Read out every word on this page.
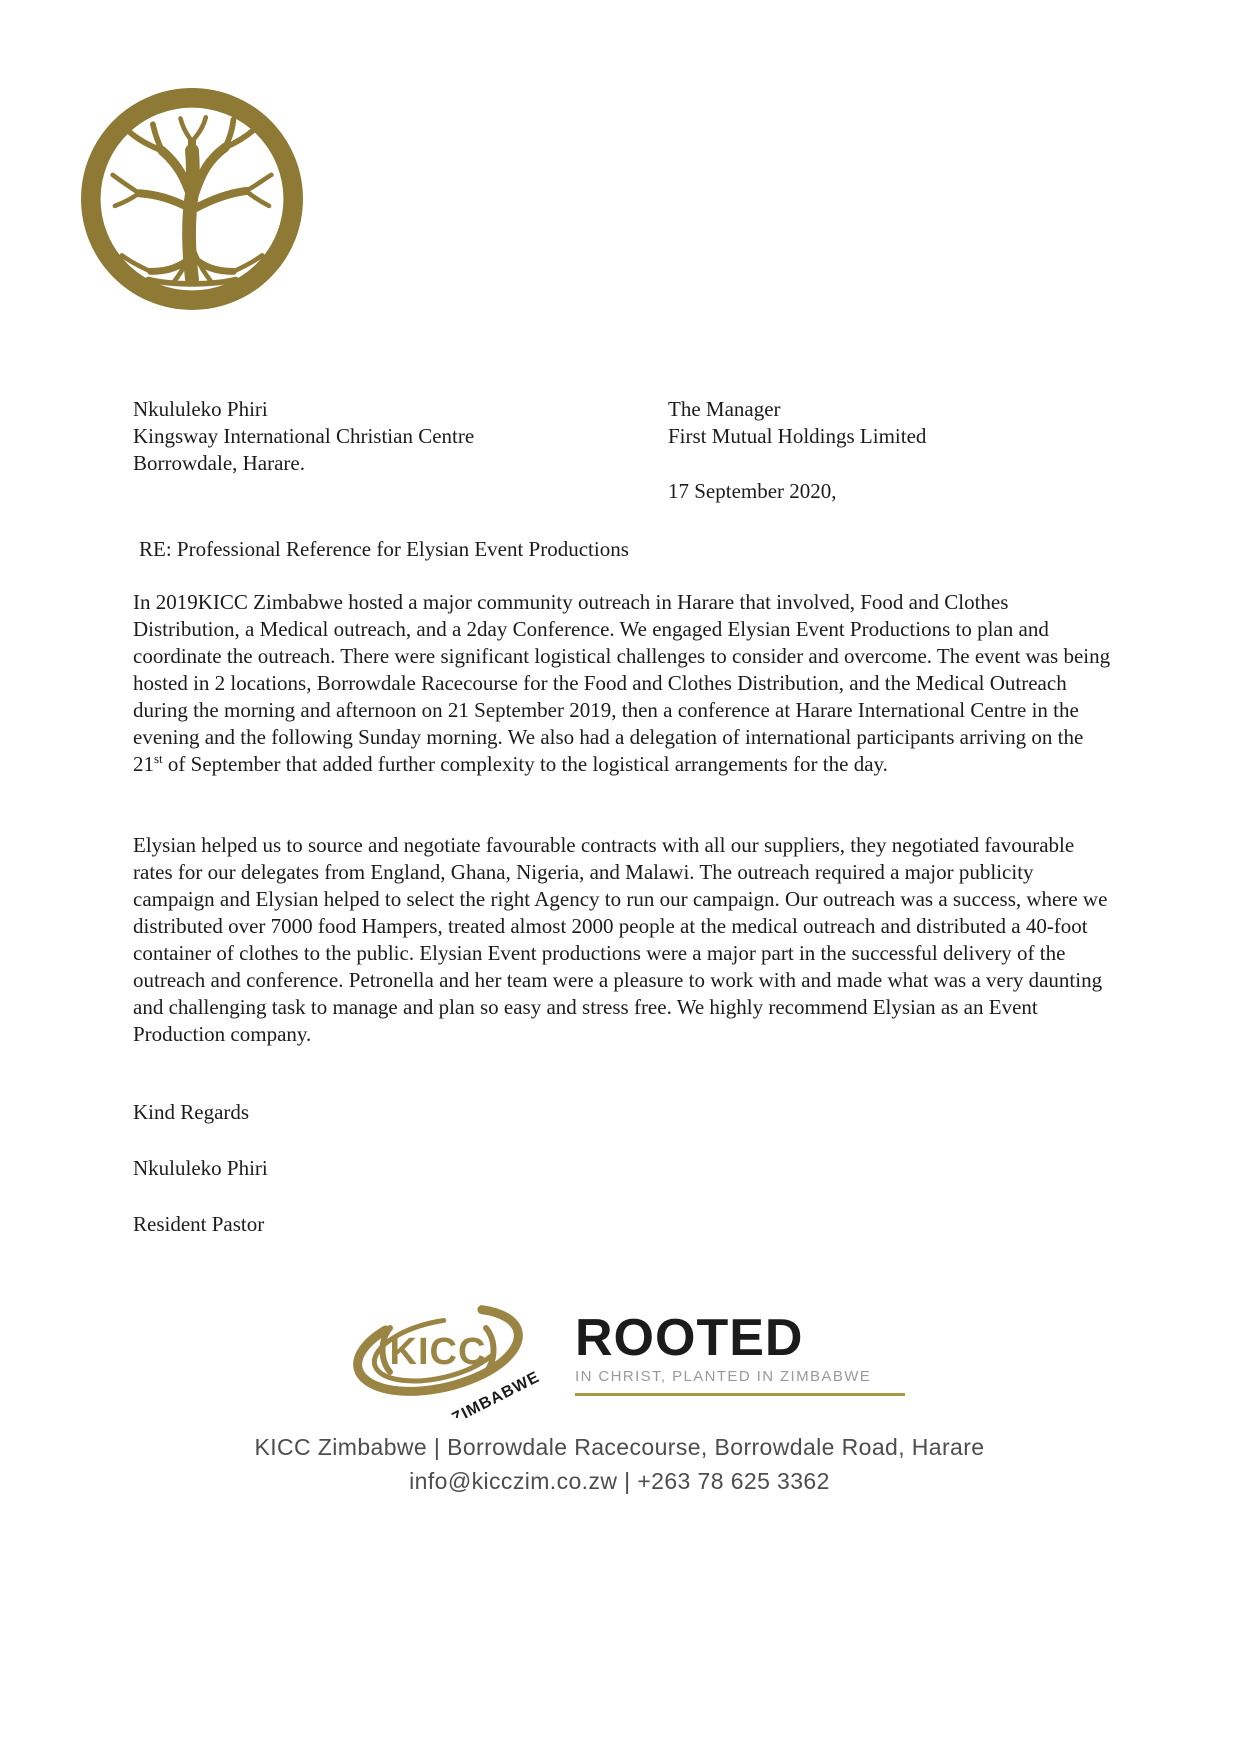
Nkululeko Phiri
Kingsway International Christian Centre
Borrowdale, Harare.
The Manager
First Mutual Holdings Limited
17 September 2020,
RE: Professional Reference for Elysian Event Productions

In 2019KICC Zimbabwe hosted a major community outreach in Harare that involved, Food and Clothes Distribution, a Medical outreach, and a 2day Conference. We engaged Elysian Event Productions to plan and coordinate the outreach. There were significant logistical challenges to consider and overcome. The event was being hosted in 2 locations, Borrowdale Racecourse for the Food and Clothes Distribution, and the Medical Outreach during the morning and afternoon on 21 September 2019, then a conference at Harare International Centre in the evening and the following Sunday morning. We also had a delegation of international participants arriving on the 21st of September that added further complexity to the logistical arrangements for the day.

Elysian helped us to source and negotiate favourable contracts with all our suppliers, they negotiated favourable rates for our delegates from England, Ghana, Nigeria, and Malawi. The outreach required a major publicity campaign and Elysian helped to select the right Agency to run our campaign. Our outreach was a success, where we distributed over 7000 food Hampers, treated almost 2000 people at the medical outreach and distributed a 40-foot container of clothes to the public. Elysian Event productions were a major part in the successful delivery of the outreach and conference. Petronella and her team were a pleasure to work with and made what was a very daunting and challenging task to manage and plan so easy and stress free. We highly recommend Elysian as an Event Production company.

Kind Regards
Nkululeko Phiri
Resident Pastor
KICC
ZIMBABWE
ROOTED
IN CHRIST, PLANTED IN ZIMBABWE
KICC Zimbabwe | Borrowdale Racecourse, Borrowdale Road, Harare
info@kicczim.co.zw | +263 78 625 3362
